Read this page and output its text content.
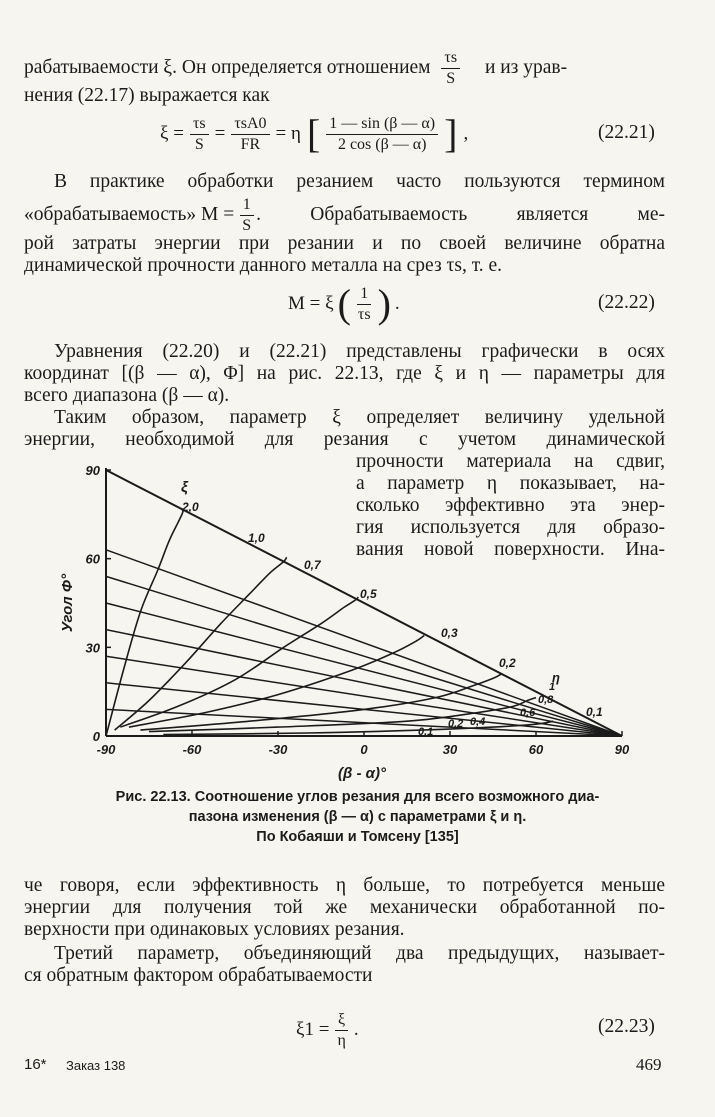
рабатываемости ξ. Он определяется отношением $\frac{\tau s}{S}$ и из урав-
нения (22.17) выражается как
$\xi = \frac{\tau s}{S} = \frac{\text{τsA0}}{FR} = \eta$ [ $\frac{1 — \sin (\beta — \alpha)}{2 \cos (\beta — \alpha)}$ ] ,	(22.21)
В практике обработки резанием часто пользуются термином
«обрабатываемость» $M = \frac{1}{S}$ . Обрабатываемость является ме-
рой затраты энергии при резании и по своей величине обратна
динамической прочности данного металла на срез τs, т. е.
M = ξ ( $\frac{1}{\tau s}$ ) .	(22.22)
Уравнения (22.20) и (22.21) представлены графически в осях
координат [(β — α), Φ] на рис. 22.13, где ξ и η — параметры для
всего диапазона (β — α).
Таким образом, параметр ξ определяет величину удельной
энергии, необходимой для резания с учетом динамической
прочности материала на сдвиг,
а параметр η показывает, на-
сколько эффективно эта энер-
гия используется для образо-
вания новой поверхности. Ина-
-90	-60	-30	0	30	60	90
0
30
60
90
(β - α)°
Угол Φ°
2,0
1,0
0,7
0,5
0,3
0,2
0,1
ξ
1
0,8
0,6
0,4
0,2
0,1
η
Рис. 22.13. Соотношение углов резания для всего возможного диа-
пазона изменения (β — α) с параметрами ξ и η.
По Кобаяши и Томсену [135]
че говоря, если эффективность η больше, то потребуется меньше
энергии для получения той же механически обработанной по-
верхности при одинаковых условиях резания.
Третий параметр, объединяющий два предыдущих, называет-
ся обратным фактором обрабатываемости
$\xi 1 = \frac{\xi}{\eta}$ .	(22.23)
16* Заказ 138	469
